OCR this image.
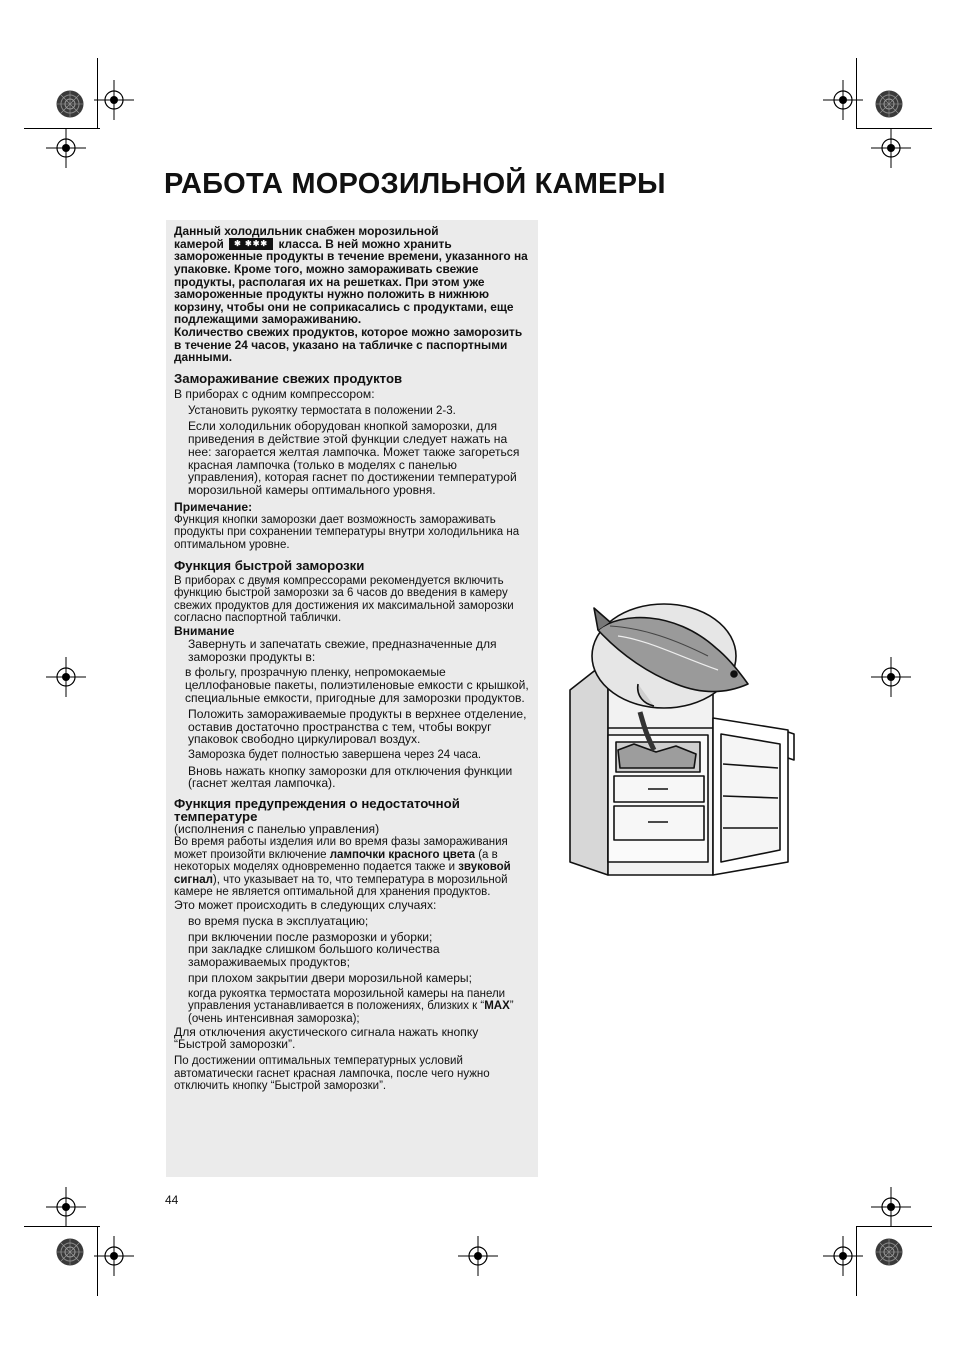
РАБОТА МОРОЗИЛЬНОЙ КАМЕРЫ

Данный холодильник снабжен морозильной
камерой ✱ ✱✱✱ класса. В ней можно хранить замороженные продукты в течение времени, указанного на упаковке. Кроме того, можно замораживать свежие продукты, располагая их на решетках. При этом уже замороженные продукты нужно положить в нижнюю корзину, чтобы они не соприкасались с продуктами, еще подлежащими замораживанию.

Количество свежих продуктов, которое можно заморозить в течение 24 часов, указано на табличке с паспортными данными.

Замораживание свежих продуктов

В приборах с одним компрессором:

Установить рукоятку термостата в положении 2-3.

Если холодильник оборудован кнопкой заморозки, для приведения в действие этой функции следует нажать на нее: загорается желтая лампочка. Может также загореться красная лампочка (только в моделях с панелью управления), которая гаснет по достижении температурой морозильной камеры оптимального уровня.

Примечание:

Функция кнопки заморозки дает возможность замораживать продукты при сохранении температуры внутри холодильника на оптимальном уровне.

Функция быстрой заморозки

В приборах с двумя компрессорами рекомендуется включить функцию быстрой заморозки за 6 часов до введения в камеру свежих продуктов для достижения их максимальной заморозки согласно паспортной таблички.

Внимание

Завернуть и запечатать свежие, предназначенные для заморозки продукты в:

в фольгу, прозрачную пленку, непромокаемые целлофановые пакеты, полиэтиленовые емкости с крышкой, специальные емкости, пригодные для заморозки продуктов.

Положить замораживаемые продукты в верхнее отделение, оставив достаточно пространства с тем, чтобы вокруг упаковок свободно циркулировал воздух.

Заморозка будет полностью завершена через 24 часа.

Вновь нажать кнопку заморозки для отключения функции (гаснет желтая лампочка).

Функция предупреждения о недостаточной температуре

(исполнения с панелью управления)

Во время работы изделия или во время фазы замораживания может произойти включение лампочки красного цвета (а в некоторых моделях одновременно подается также и звуковой сигнал), что указывает на то, что температура в морозильной камере не является оптимальной для хранения продуктов.

Это может происходить в следующих случаях:

во время пуска в эксплуатацию;

при включении после разморозки и уборки;

при закладке слишком большого количества замораживаемых продуктов;

при плохом закрытии двери морозильной камеры;

когда рукоятка термостата морозильной камеры на панели управления устанавливается в положениях, близких к “MAX” (очень интенсивная заморозка);

Для отключения акустического сигнала нажать кнопку “Быстрой заморозки”.

По достижении оптимальных температурных условий автоматически гаснет красная лампочка, после чего нужно отключить кнопку “Быстрой заморозки”.

44
